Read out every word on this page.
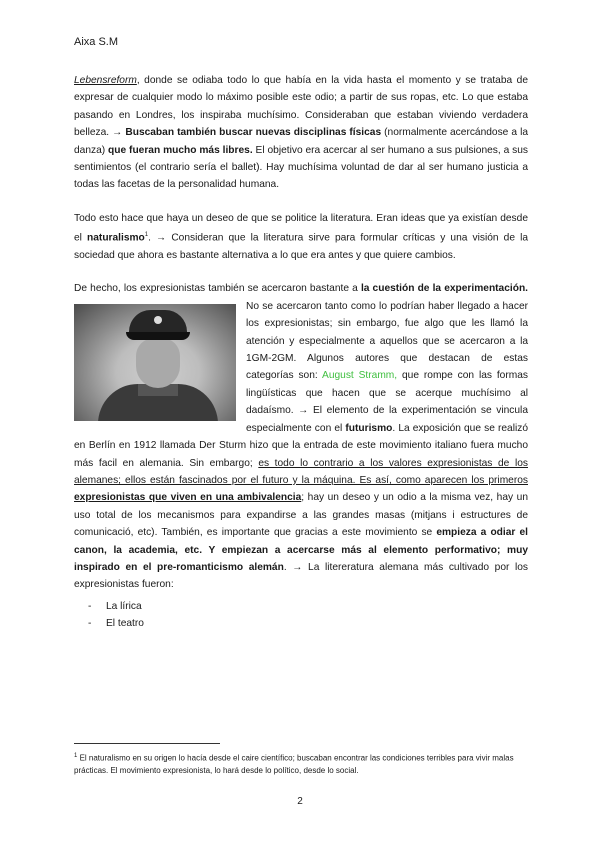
Aixa S.M

Lebensreform, donde se odiaba todo lo que había en la vida hasta el momento y se trataba de expresar de cualquier modo lo máximo posible este odio; a partir de sus ropas, etc. Lo que estaba pasando en Londres, los inspiraba muchísimo. Consideraban que estaban viviendo verdadera belleza. → Buscaban también buscar nuevas disciplinas físicas (normalmente acercándose a la danza) que fueran mucho más libres. El objetivo era acercar al ser humano a sus pulsiones, a sus sentimientos (el contrario sería el ballet). Hay muchísima voluntad de dar al ser humano justicia a todas las facetas de la personalidad humana.

Todo esto hace que haya un deseo de que se politice la literatura. Eran ideas que ya existían desde el naturalismo$^1$. → Consideran que la literatura sirve para formular críticas y una visión de la sociedad que ahora es bastante alternativa a lo que era antes y que quiere cambios.

De hecho, los expresionistas también se acercaron bastante a la cuestión de la experimentación.
No se acercaron tanto como lo podrían haber llegado a hacer los expresionistas; sin embargo, fue algo que les llamó la atención y especialmente a aquellos que se acercaron a la 1GM-2GM. Algunos autores que destacan de estas categorías son: August Stramm, que rompe con las formas lingüísticas que hacen que se acerque muchísimo al dadaísmo. → El elemento de la experimentación se vincula especialmente con el futurismo. La exposición que se realizó en Berlín en 1912 llamada Der Sturm hizo que la entrada de este movimiento italiano fuera mucho más facil en alemania. Sin embargo; es todo lo contrario a los valores expresionistas de los alemanes; ellos están fascinados por el futuro y la máquina. Es así, como aparecen los primeros expresionistas que viven en una ambivalencia; hay un deseo y un odio a la misma vez, hay un uso total de los mecanismos para expandirse a las grandes masas (mitjans i estructures de comunicació, etc). También, es importante que gracias a este movimiento se empieza a odiar el canon, la academia, etc. Y empiezan a acercarse más al elemento performativo; muy inspirado en el pre-romanticismo alemán. → La litereratura alemana más cultivado por los expresionistas fueron:

- La lírica
- El teatro
$^1$ El naturalismo en su origen lo hacía desde el caire científico; buscaban encontrar las condiciones terribles para vivir malas prácticas. El movimiento expresionista, lo hará desde lo político, desde lo social.
2
